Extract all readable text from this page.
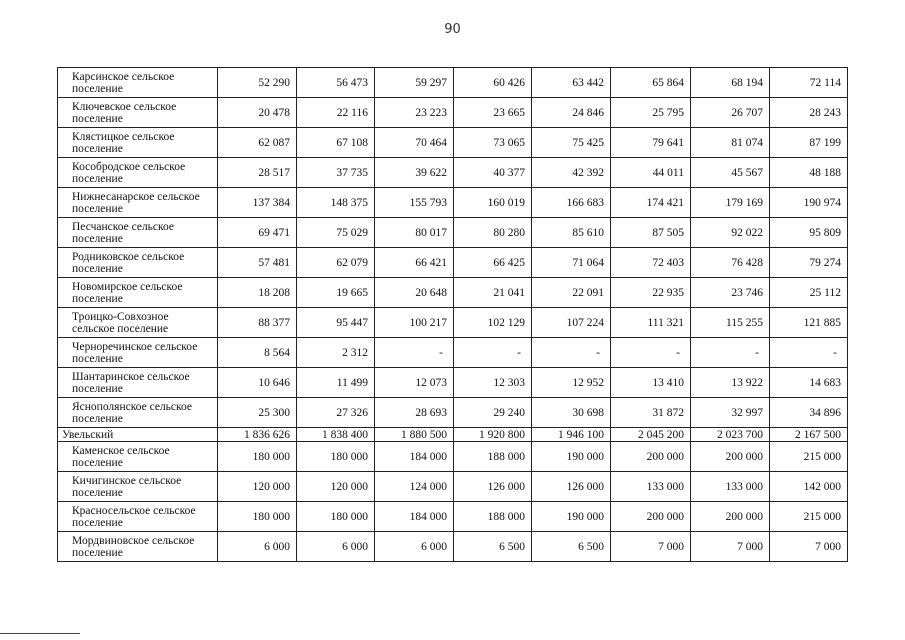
90
Карсинское сельское поселение	52 290	56 473	59 297	60 426	63 442	65 864	68 194	72 114
Ключевское сельское поселение	20 478	22 116	23 223	23 665	24 846	25 795	26 707	28 243
Клястицкое сельское поселение	62 087	67 108	70 464	73 065	75 425	79 641	81 074	87 199
Кособродское сельское поселение	28 517	37 735	39 622	40 377	42 392	44 011	45 567	48 188
Нижнесанарское сельское поселение	137 384	148 375	155 793	160 019	166 683	174 421	179 169	190 974
Песчанское сельское поселение	69 471	75 029	80 017	80 280	85 610	87 505	92 022	95 809
Родниковское сельское поселение	57 481	62 079	66 421	66 425	71 064	72 403	76 428	79 274
Новомирское сельское поселение	18 208	19 665	20 648	21 041	22 091	22 935	23 746	25 112
Троицко-Совхозное сельское поселение	88 377	95 447	100 217	102 129	107 224	111 321	115 255	121 885
Черноречинское сельское поселение	8 564	2 312	-	-	-	-	-	-
Шантаринское сельское поселение	10 646	11 499	12 073	12 303	12 952	13 410	13 922	14 683
Яснополянское сельское поселение	25 300	27 326	28 693	29 240	30 698	31 872	32 997	34 896
Увельский	1 836 626	1 838 400	1 880 500	1 920 800	1 946 100	2 045 200	2 023 700	2 167 500
Каменское сельское поселение	180 000	180 000	184 000	188 000	190 000	200 000	200 000	215 000
Кичигинское сельское поселение	120 000	120 000	124 000	126 000	126 000	133 000	133 000	142 000
Красносельское сельское поселение	180 000	180 000	184 000	188 000	190 000	200 000	200 000	215 000
Мордвиновское сельское поселение	6 000	6 000	6 000	6 500	6 500	7 000	7 000	7 000
